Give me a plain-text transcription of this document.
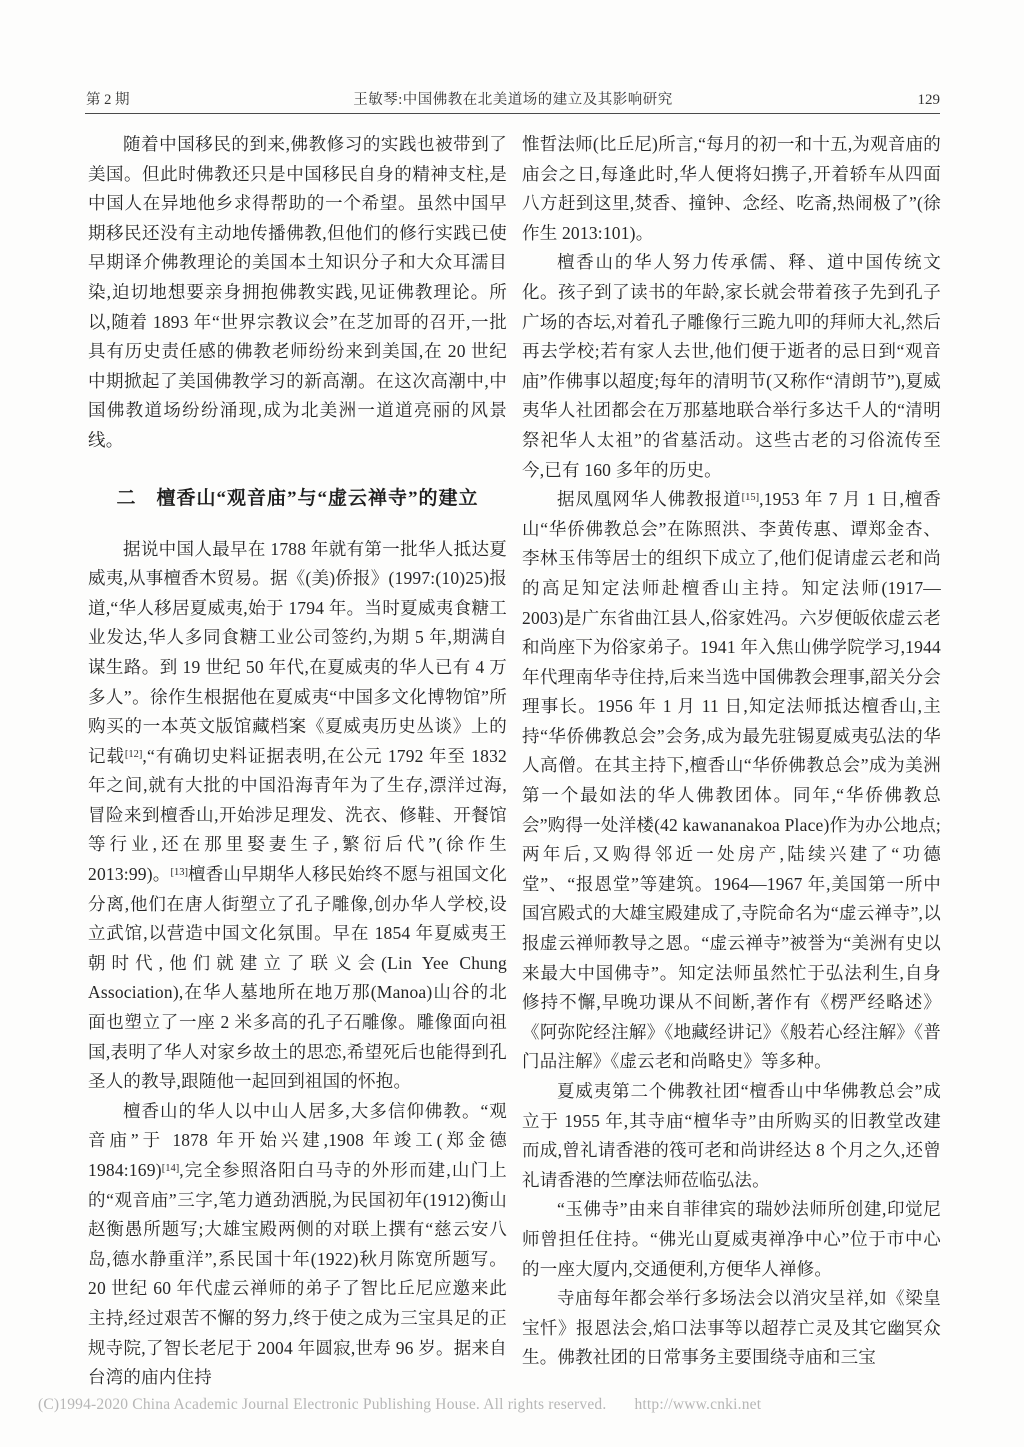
第 2 期	王敏琴:中国佛教在北美道场的建立及其影响研究	129

随着中国移民的到来,佛教修习的实践也被带到了美国。但此时佛教还只是中国移民自身的精神支柱,是中国人在异地他乡求得帮助的一个希望。虽然中国早期移民还没有主动地传播佛教,但他们的修行实践已使早期译介佛教理论的美国本土知识分子和大众耳濡目染,迫切地想要亲身拥抱佛教实践,见证佛教理论。所以,随着 1893 年“世界宗教议会”在芝加哥的召开,一批具有历史责任感的佛教老师纷纷来到美国,在 20 世纪中期掀起了美国佛教学习的新高潮。在这次高潮中,中国佛教道场纷纷涌现,成为北美洲一道道亮丽的风景线。

二　檀香山“观音庙”与“虚云禅寺”的建立

据说中国人最早在 1788 年就有第一批华人抵达夏威夷,从事檀香木贸易。据《(美)侨报》(1997:(10)25)报道,“华人移居夏威夷,始于 1794 年。当时夏威夷食糖工业发达,华人多同食糖工业公司签约,为期 5 年,期满自谋生路。到 19 世纪 50 年代,在夏威夷的华人已有 4 万多人”。徐作生根据他在夏威夷“中国多文化博物馆”所购买的一本英文版馆藏档案《夏威夷历史丛谈》上的记载[12],“有确切史料证据表明,在公元 1792 年至 1832 年之间,就有大批的中国沿海青年为了生存,漂洋过海,冒险来到檀香山,开始涉足理发、洗衣、修鞋、开餐馆等行业,还在那里娶妻生子,繁衍后代”(徐作生 2013:99)。[13]檀香山早期华人移民始终不愿与祖国文化分离,他们在唐人街塑立了孔子雕像,创办华人学校,设立武馆,以营造中国文化氛围。早在 1854 年夏威夷王朝时代,他们就建立了联义会(Lin Yee Chung Association),在华人墓地所在地万那(Manoa)山谷的北面也塑立了一座 2 米多高的孔子石雕像。雕像面向祖国,表明了华人对家乡故土的思恋,希望死后也能得到孔圣人的教导,跟随他一起回到祖国的怀抱。

檀香山的华人以中山人居多,大多信仰佛教。“观音庙”于 1878 年开始兴建,1908 年竣工(郑金德 1984:169)[14],完全参照洛阳白马寺的外形而建,山门上的“观音庙”三字,笔力遒劲洒脱,为民国初年(1912)衡山赵衡愚所题写;大雄宝殿两侧的对联上撰有“慈云安八岛,德水静重洋”,系民国十年(1922)秋月陈宽所题写。20 世纪 60 年代虚云禅师的弟子了智比丘尼应邀来此主持,经过艰苦不懈的努力,终于使之成为三宝具足的正规寺院,了智长老尼于 2004 年圆寂,世寿 96 岁。据来自台湾的庙内住持

惟晢法师(比丘尼)所言,“每月的初一和十五,为观音庙的庙会之日,每逢此时,华人便将妇携子,开着轿车从四面八方赶到这里,焚香、撞钟、念经、吃斋,热闹极了”(徐作生 2013:101)。

檀香山的华人努力传承儒、释、道中国传统文化。孩子到了读书的年龄,家长就会带着孩子先到孔子广场的杏坛,对着孔子雕像行三跪九叩的拜师大礼,然后再去学校;若有家人去世,他们便于逝者的忌日到“观音庙”作佛事以超度;每年的清明节(又称作“清朗节”),夏威夷华人社团都会在万那墓地联合举行多达千人的“清明祭祀华人太祖”的省墓活动。这些古老的习俗流传至今,已有 160 多年的历史。

据凤凰网华人佛教报道[15],1953 年 7 月 1 日,檀香山“华侨佛教总会”在陈照洪、李黄传惠、谭郑金杏、李林玉伟等居士的组织下成立了,他们促请虚云老和尚的高足知定法师赴檀香山主持。知定法师(1917—2003)是广东省曲江县人,俗家姓冯。六岁便皈依虚云老和尚座下为俗家弟子。1941 年入焦山佛学院学习,1944 年代理南华寺住持,后来当选中国佛教会理事,韶关分会理事长。1956 年 1 月 11 日,知定法师抵达檀香山,主持“华侨佛教总会”会务,成为最先驻锡夏威夷弘法的华人高僧。在其主持下,檀香山“华侨佛教总会”成为美洲第一个最如法的华人佛教团体。同年,“华侨佛教总会”购得一处洋楼(42 kawananakoa Place)作为办公地点;两年后,又购得邻近一处房产,陆续兴建了“功德堂”、“报恩堂”等建筑。1964—1967 年,美国第一所中国宫殿式的大雄宝殿建成了,寺院命名为“虚云禅寺”,以报虚云禅师教导之恩。“虚云禅寺”被誉为“美洲有史以来最大中国佛寺”。知定法师虽然忙于弘法利生,自身修持不懈,早晚功课从不间断,著作有《楞严经略述》《阿弥陀经注解》《地藏经讲记》《般若心经注解》《普门品注解》《虚云老和尚略史》等多种。

夏威夷第二个佛教社团“檀香山中华佛教总会”成立于 1955 年,其寺庙“檀华寺”由所购买的旧教堂改建而成,曾礼请香港的筏可老和尚讲经达 8 个月之久,还曾礼请香港的竺摩法师莅临弘法。

“玉佛寺”由来自菲律宾的瑞妙法师所创建,印觉尼师曾担任住持。“佛光山夏威夷禅净中心”位于市中心的一座大厦内,交通便利,方便华人禅修。

寺庙每年都会举行多场法会以消灾呈祥,如《梁皇宝忏》报恩法会,焰口法事等以超荐亡灵及其它幽冥众生。佛教社团的日常事务主要围绕寺庙和三宝

(C)1994-2020 China Academic Journal Electronic Publishing House. All rights reserved. http://www.cnki.net
